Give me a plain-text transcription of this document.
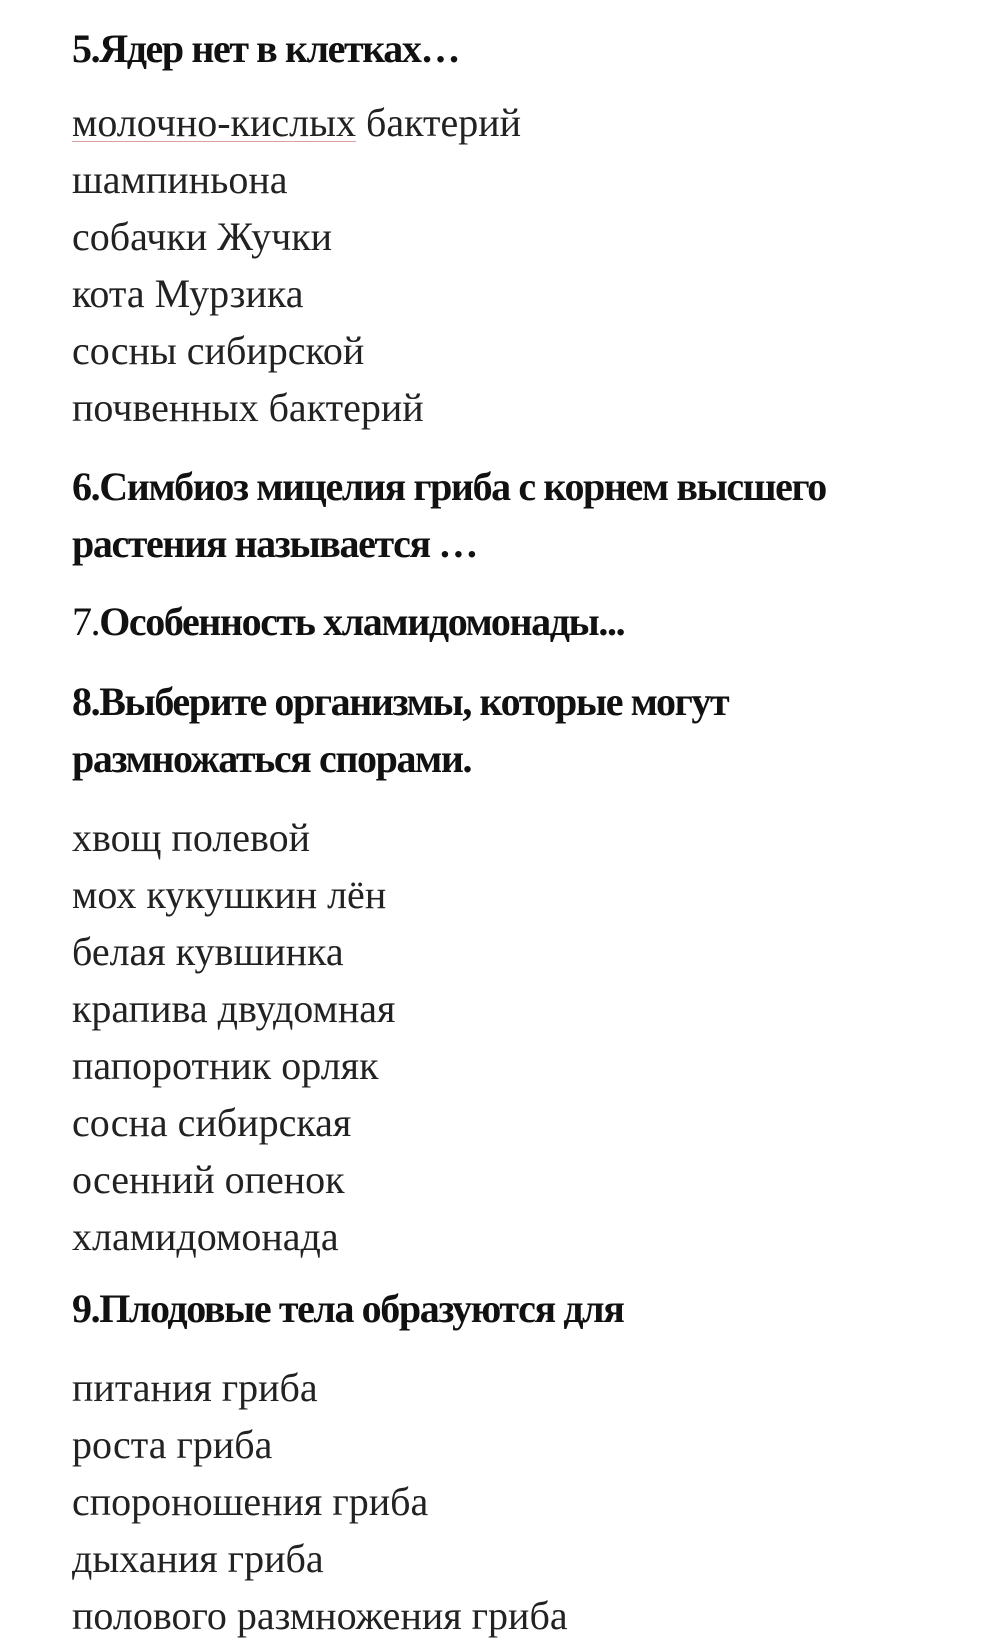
5.Ядер нет в клетках…
молочно-кислых бактерий
шампиньона
собачки Жучки
кота Мурзика
сосны сибирской
почвенных бактерий
6.Симбиоз мицелия гриба с корнем высшего
растения называется …
7.Особенность хламидомонады...
8.Выберите организмы, которые могут
размножаться спорами.
хвощ полевой
мох кукушкин лён
белая кувшинка
крапива двудомная
папоротник орляк
сосна сибирская
осенний опенок
хламидомонада
9.Плодовые тела образуются для
питания гриба
роста гриба
спороношения гриба
дыхания гриба
полового размножения гриба
